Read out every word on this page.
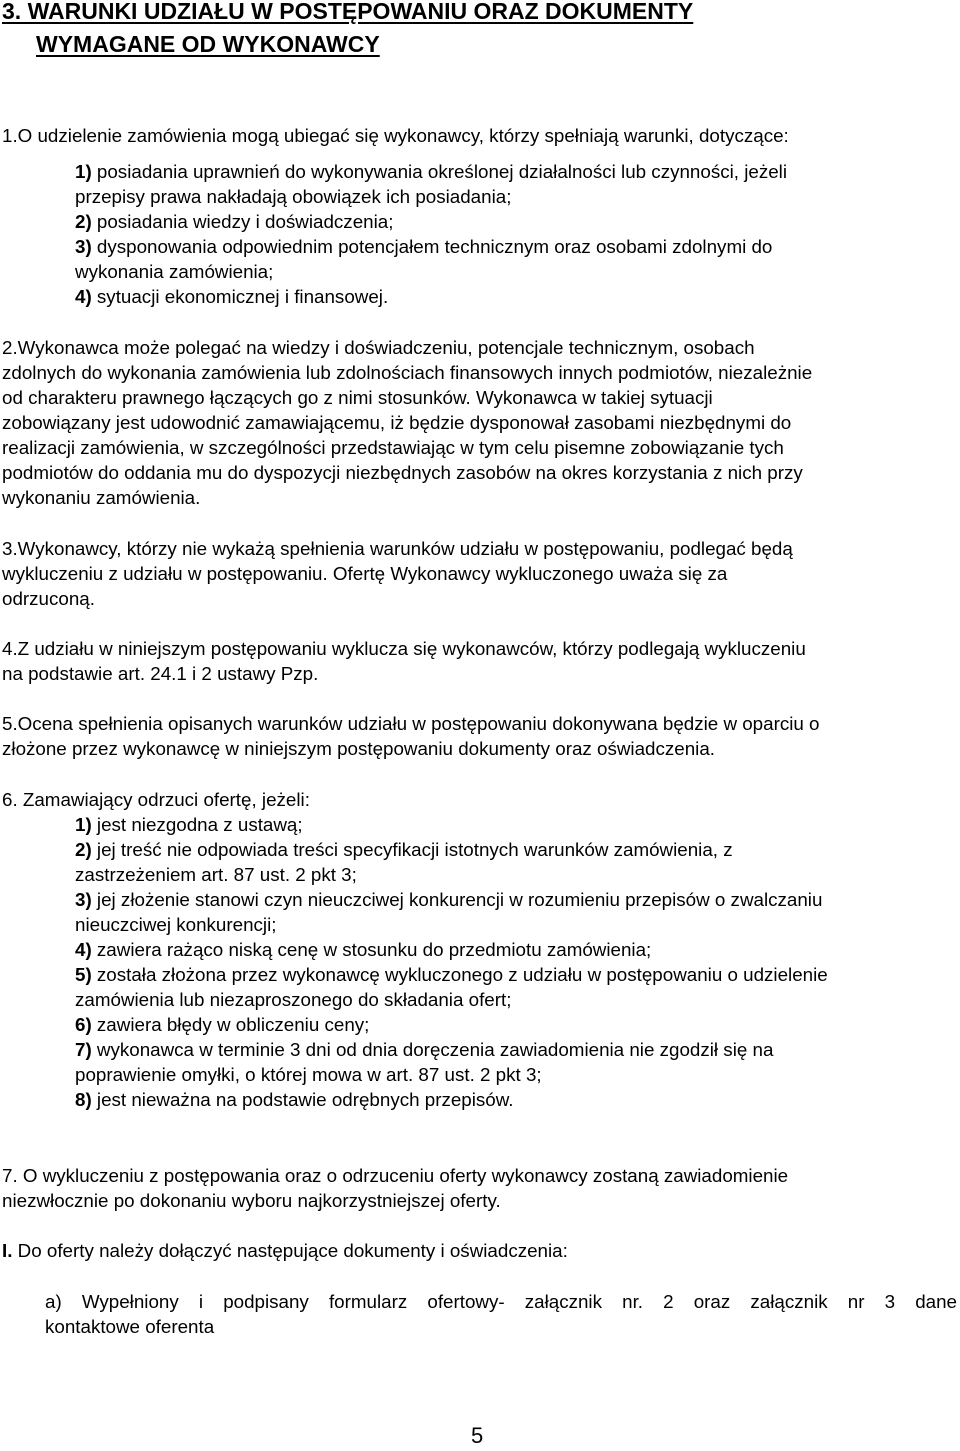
3. WARUNKI UDZIAŁU W POSTĘPOWANIU ORAZ DOKUMENTY
WYMAGANE OD WYKONAWCY
1.O udzielenie zamówienia mogą ubiegać się wykonawcy, którzy spełniają warunki, dotyczące:
1) posiadania uprawnień do wykonywania określonej działalności lub czynności, jeżeli
przepisy prawa nakładają obowiązek ich posiadania;
2) posiadania wiedzy i doświadczenia;
3) dysponowania odpowiednim potencjałem technicznym oraz osobami zdolnymi do
wykonania zamówienia;
4) sytuacji ekonomicznej i finansowej.
2.Wykonawca może polegać na wiedzy i doświadczeniu, potencjale technicznym, osobach
zdolnych do wykonania zamówienia lub zdolnościach finansowych innych podmiotów, niezależnie
od charakteru prawnego łączących go z nimi stosunków. Wykonawca w takiej sytuacji
zobowiązany jest udowodnić zamawiającemu, iż będzie dysponował zasobami niezbędnymi do
realizacji zamówienia, w szczególności przedstawiając w tym celu pisemne zobowiązanie tych
podmiotów do oddania mu do dyspozycji niezbędnych zasobów na okres korzystania z nich przy
wykonaniu zamówienia.
3.Wykonawcy, którzy nie wykażą spełnienia warunków udziału w postępowaniu, podlegać będą
wykluczeniu z udziału w postępowaniu. Ofertę Wykonawcy wykluczonego uważa się za
odrzuconą.
4.Z udziału w niniejszym postępowaniu wyklucza się wykonawców, którzy podlegają wykluczeniu
na podstawie art. 24.1 i 2 ustawy Pzp.
5.Ocena spełnienia opisanych warunków udziału w postępowaniu dokonywana będzie w oparciu o
złożone przez wykonawcę w niniejszym postępowaniu dokumenty oraz oświadczenia.
6. Zamawiający odrzuci ofertę, jeżeli:
1) jest niezgodna z ustawą;
2) jej treść nie odpowiada treści specyfikacji istotnych warunków zamówienia, z
zastrzeżeniem art. 87 ust. 2 pkt 3;
3) jej złożenie stanowi czyn nieuczciwej konkurencji w rozumieniu przepisów o zwalczaniu
nieuczciwej konkurencji;
4) zawiera rażąco niską cenę w stosunku do przedmiotu zamówienia;
5) została złożona przez wykonawcę wykluczonego z udziału w postępowaniu o udzielenie
zamówienia lub niezaproszonego do składania ofert;
6) zawiera błędy w obliczeniu ceny;
7) wykonawca w terminie 3 dni od dnia doręczenia zawiadomienia nie zgodził się na
poprawienie omyłki, o której mowa w art. 87 ust. 2 pkt 3;
8) jest nieważna na podstawie odrębnych przepisów.
7. O wykluczeniu z postępowania oraz o odrzuceniu oferty wykonawcy zostaną zawiadomienie
niezwłocznie po dokonaniu wyboru najkorzystniejszej oferty.
I. Do oferty należy dołączyć następujące dokumenty i oświadczenia:
a) Wypełniony i podpisany formularz ofertowy- załącznik nr. 2 oraz załącznik nr 3 dane
kontaktowe oferenta
5
